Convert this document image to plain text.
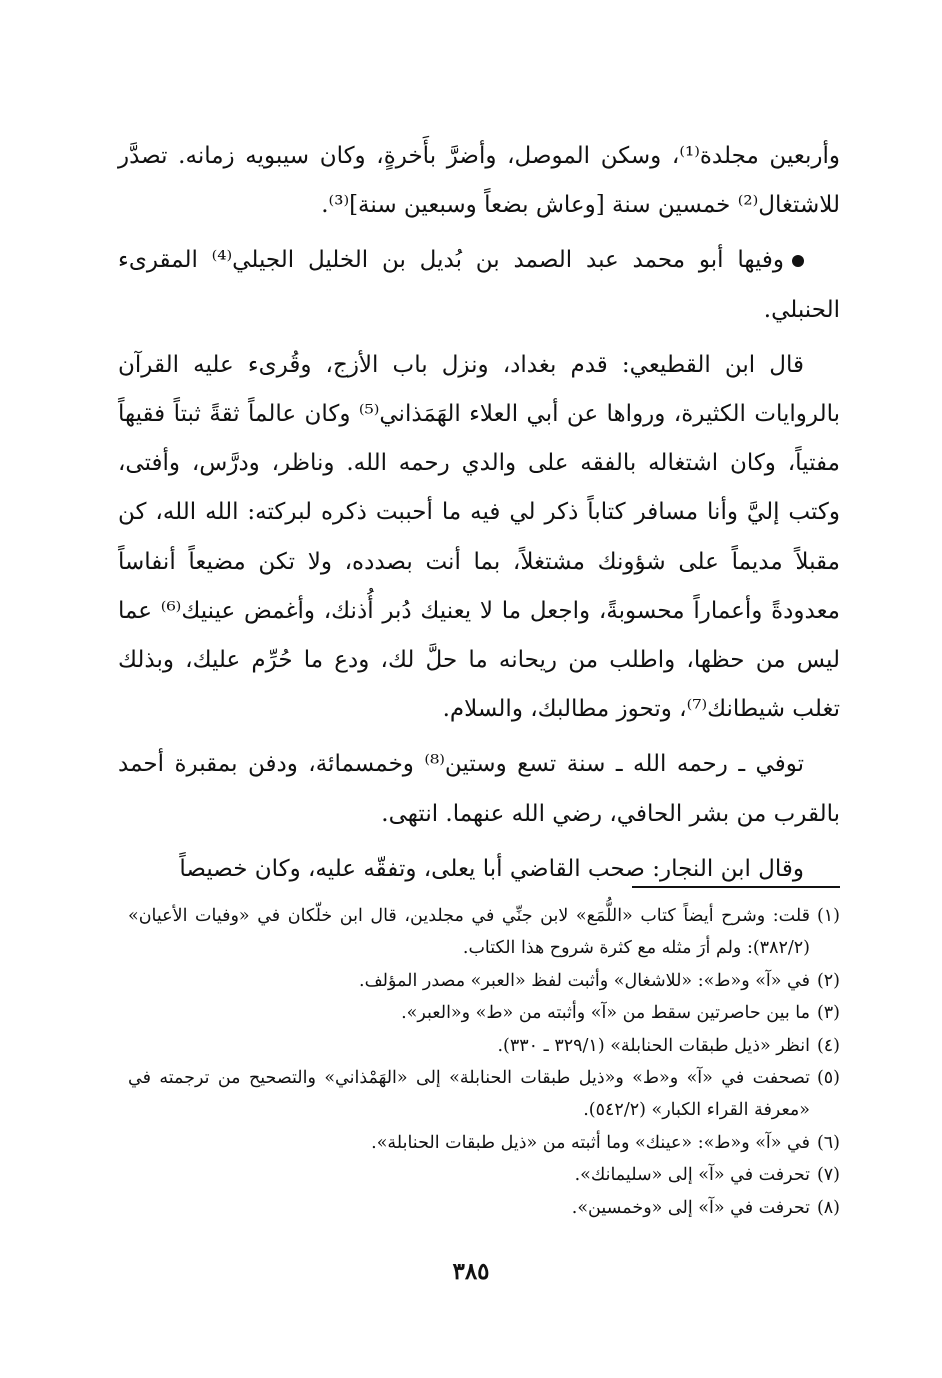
وأربعين مجلدة⁽¹⁾، وسكن الموصل، وأضرَّ بأَخرةٍ، وكان سيبويه زمانه. تصدَّر للاشتغال⁽²⁾ خمسين سنة [وعاش بضعاً وسبعين سنة]⁽³⁾.

وفيها أبو محمد عبد الصمد بن بُديل بن الخليل الجيلي⁽⁴⁾ المقرىء الحنبلي.

قال ابن القطيعي: قدم بغداد، ونزل باب الأزج، وقُرىء عليه القرآن بالروايات الكثيرة، ورواها عن أبي العلاء الهَمَذاني⁽⁵⁾ وكان عالماً ثقةً ثبتاً فقيهاً مفتياً، وكان اشتغاله بالفقه على والدي رحمه الله. وناظر، ودرَّس، وأفتى، وكتب إليَّ وأنا مسافر كتاباً ذكر لي فيه ما أحببت ذكره لبركته: الله الله، كن مقبلاً مديماً على شؤونك مشتغلاً، بما أنت بصدده، ولا تكن مضيعاً أنفاساً معدودةً وأعماراً محسوبةً، واجعل ما لا يعنيك دُبر أُذنك، وأغمض عينيك⁽⁶⁾ عما ليس من حظها، واطلب من ريحانه ما حلَّ لك، ودع ما حُرِّم عليك، وبذلك تغلب شيطانك⁽⁷⁾، وتحوز مطالبك، والسلام.

توفي ـ رحمه الله ـ سنة تسع وستين⁽⁸⁾ وخمسمائة، ودفن بمقبرة أحمد بالقرب من بشر الحافي، رضي الله عنهما. انتهى.

وقال ابن النجار: صحب القاضي أبا يعلى، وتفقّه عليه، وكان خصيصاً

(١)
قلت: وشرح أيضاً كتاب «اللُّمَع» لابن جنِّي في مجلدين، قال ابن خلّكان في «وفيات الأعيان» (٣٨٢/٢): ولم أرَ مثله مع كثرة شروح هذا الكتاب.

(٢)
في «آ» و«ط»: «للاشغال» وأثبت لفظ «العبر» مصدر المؤلف.

(٣)
ما بين حاصرتين سقط من «آ» وأثبته من «ط» و«العبر».

(٤)
انظر «ذيل طبقات الحنابلة» (٣٢٩/١ ـ ٣٣٠).

(٥)
تصحفت في «آ» و«ط» و«ذيل طبقات الحنابلة» إلى «الهَمْذاني» والتصحيح من ترجمته في «معرفة القراء الكبار» (٥٤٢/٢).

(٦)
في «آ» و«ط»: «عينك» وما أثبته من «ذيل طبقات الحنابلة».

(٧)
تحرفت في «آ» إلى «سليمانك».

(٨)
تحرفت في «آ» إلى «وخمسين».

٣٨٥
